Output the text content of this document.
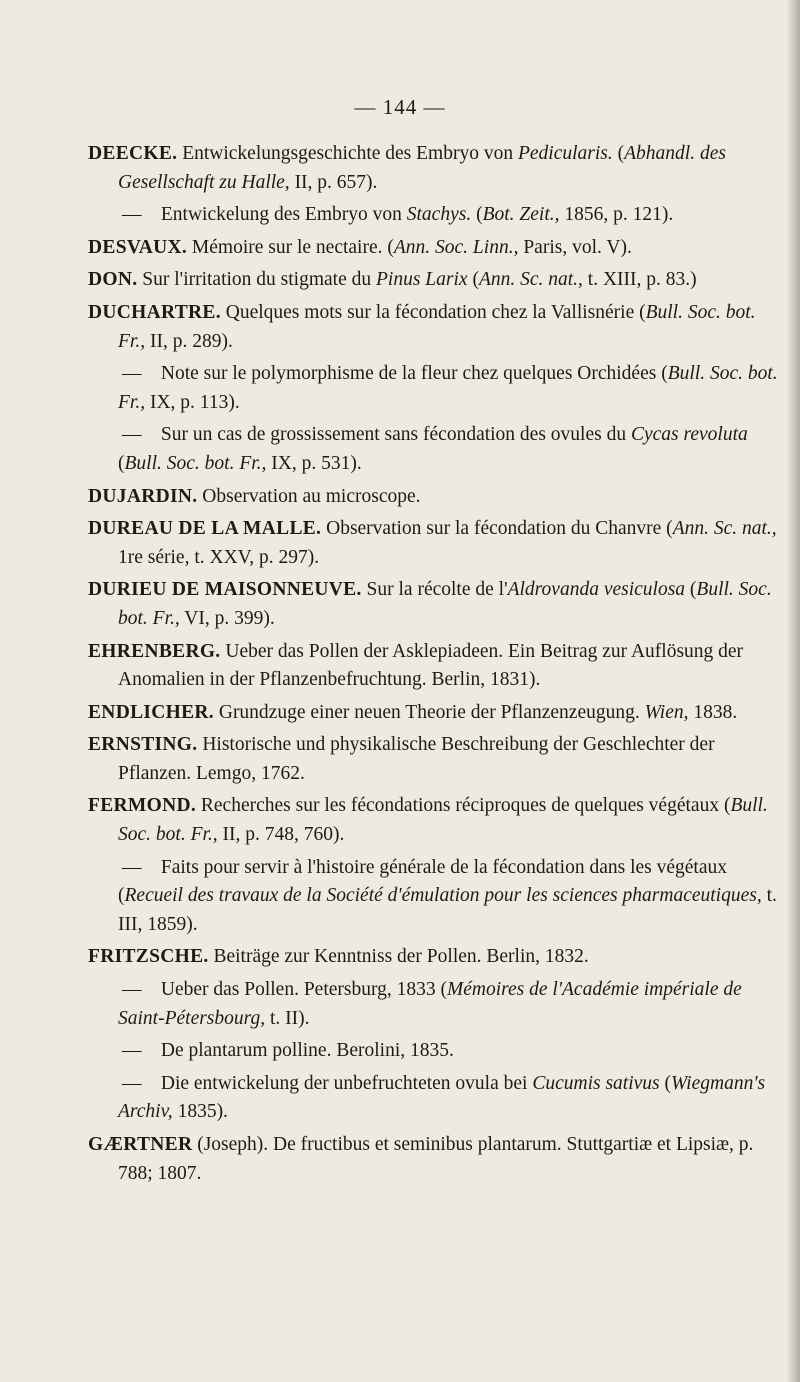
— 144 —
DEECKE. Entwickelungsgeschichte des Embryo von Pedicularis. (Abhandl. des Gesellschaft zu Halle, II, p. 657).
— Entwickelung des Embryo von Stachys. (Bot. Zeit., 1856, p. 121).
DESVAUX. Mémoire sur le nectaire. (Ann. Soc. Linn., Paris, vol. V).
DON. Sur l'irritation du stigmate du Pinus Larix (Ann. Sc. nat., t. XIII, p. 83.)
DUCHARTRE. Quelques mots sur la fécondation chez la Vallisnérie (Bull. Soc. bot. Fr., II, p. 289).
— Note sur le polymorphisme de la fleur chez quelques Orchidées (Bull. Soc. bot. Fr., IX, p. 113).
— Sur un cas de grossissement sans fécondation des ovules du Cycas revoluta (Bull. Soc. bot. Fr., IX, p. 531).
DUJARDIN. Observation au microscope.
DUREAU DE LA MALLE. Observation sur la fécondation du Chanvre (Ann. Sc. nat., 1re série, t. XXV, p. 297).
DURIEU DE MAISONNEUVE. Sur la récolte de l'Aldrovanda vesiculosa (Bull. Soc. bot. Fr., VI, p. 399).
EHRENBERG. Ueber das Pollen der Asklepiadeen. Ein Beitrag zur Auflösung der Anomalien in der Pflanzenbefruchtung. Berlin, 1831).
ENDLICHER. Grundzuge einer neuen Theorie der Pflanzenzeugung. Wien, 1838.
ERNSTING. Historische und physikalische Beschreibung der Geschlechter der Pflanzen. Lemgo, 1762.
FERMOND. Recherches sur les fécondations réciproques de quelques végétaux (Bull. Soc. bot. Fr., II, p. 748, 760).
— Faits pour servir à l'histoire générale de la fécondation dans les végétaux (Recueil des travaux de la Société d'émulation pour les sciences pharmaceutiques, t. III, 1859).
FRITZSCHE. Beiträge zur Kenntniss der Pollen. Berlin, 1832.
— Ueber das Pollen. Petersburg, 1833 (Mémoires de l'Académie impériale de Saint-Pétersbourg, t. II).
— De plantarum polline. Berolini, 1835.
— Die entwickelung der unbefruchteten ovula bei Cucumis sativus (Wiegmann's Archiv, 1835).
GÆRTNER (Joseph). De fructibus et seminibus plantarum. Stuttgartiæ et Lipsiæ, p. 788; 1807.
